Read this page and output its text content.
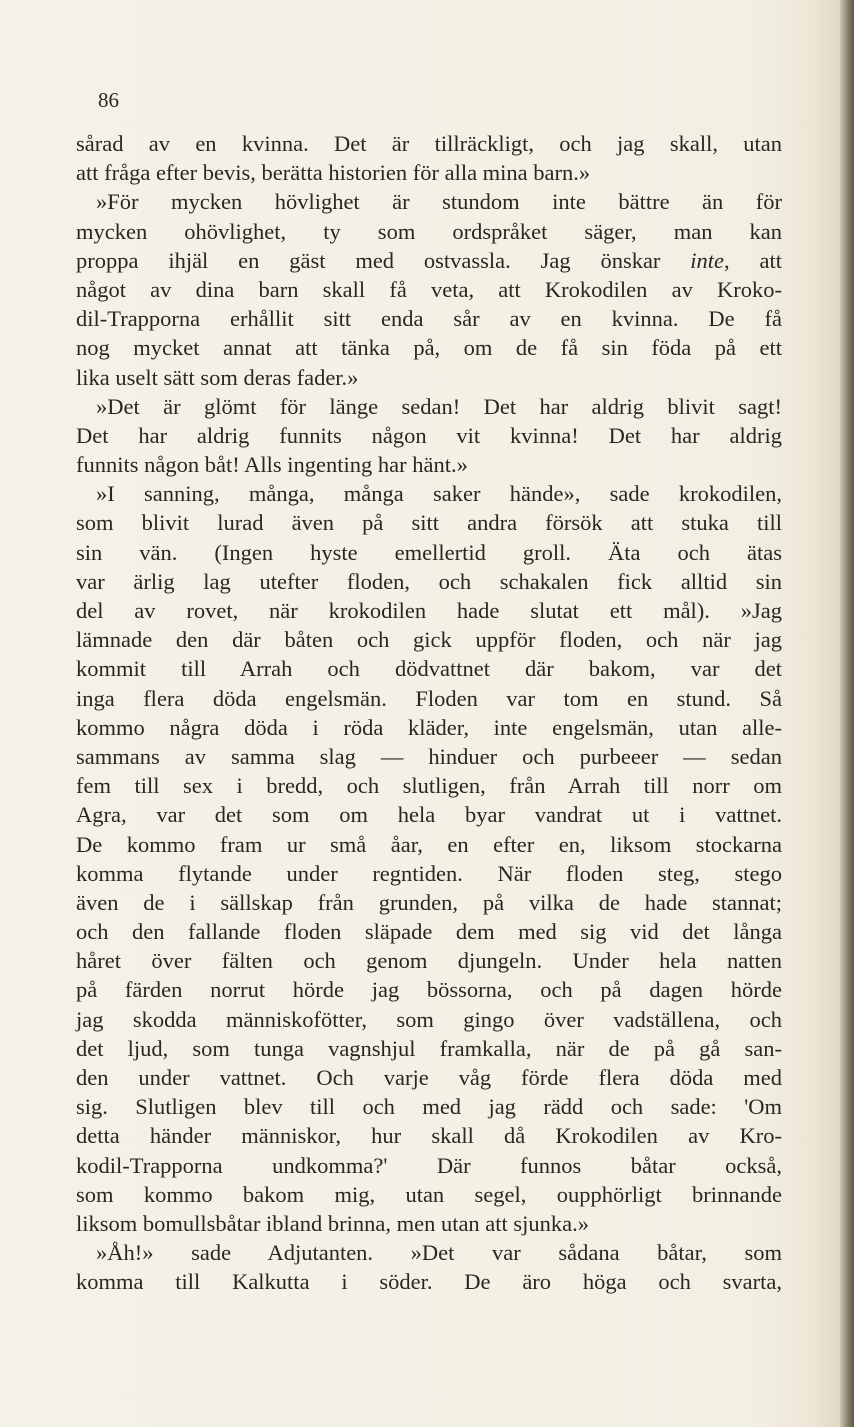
86
sårad av en kvinna. Det är tillräckligt, och jag skall, utan
att fråga efter bevis, berätta historien för alla mina barn.»
»För mycken hövlighet är stundom inte bättre än för
mycken ohövlighet, ty som ordspråket säger, man kan
proppa ihjäl en gäst med ostvassla. Jag önskar inte, att
något av dina barn skall få veta, att Krokodilen av Kroko-
dil-Trapporna erhållit sitt enda sår av en kvinna. De få
nog mycket annat att tänka på, om de få sin föda på ett
lika uselt sätt som deras fader.»
»Det är glömt för länge sedan! Det har aldrig blivit sagt!
Det har aldrig funnits någon vit kvinna! Det har aldrig
funnits någon båt! Alls ingenting har hänt.»
»I sanning, många, många saker hände», sade krokodilen,
som blivit lurad även på sitt andra försök att stuka till
sin vän. (Ingen hyste emellertid groll. Äta och ätas
var ärlig lag utefter floden, och schakalen fick alltid sin
del av rovet, när krokodilen hade slutat ett mål). »Jag
lämnade den där båten och gick uppför floden, och när jag
kommit till Arrah och dödvattnet där bakom, var det
inga flera döda engelsmän. Floden var tom en stund. Så
kommo några döda i röda kläder, inte engelsmän, utan alle-
sammans av samma slag — hinduer och purbeeer — sedan
fem till sex i bredd, och slutligen, från Arrah till norr om
Agra, var det som om hela byar vandrat ut i vattnet.
De kommo fram ur små åar, en efter en, liksom stockarna
komma flytande under regntiden. När floden steg, stego
även de i sällskap från grunden, på vilka de hade stannat;
och den fallande floden släpade dem med sig vid det långa
håret över fälten och genom djungeln. Under hela natten
på färden norrut hörde jag bössorna, och på dagen hörde
jag skodda människofötter, som gingo över vadställena, och
det ljud, som tunga vagnshjul framkalla, när de på gå san-
den under vattnet. Och varje våg förde flera döda med
sig. Slutligen blev till och med jag rädd och sade: 'Om
detta händer människor, hur skall då Krokodilen av Kro-
kodil-Trapporna undkomma?' Där funnos båtar också,
som kommo bakom mig, utan segel, oupphörligt brinnande
liksom bomullsbåtar ibland brinna, men utan att sjunka.»
»Åh!» sade Adjutanten. »Det var sådana båtar, som
komma till Kalkutta i söder. De äro höga och svarta,
